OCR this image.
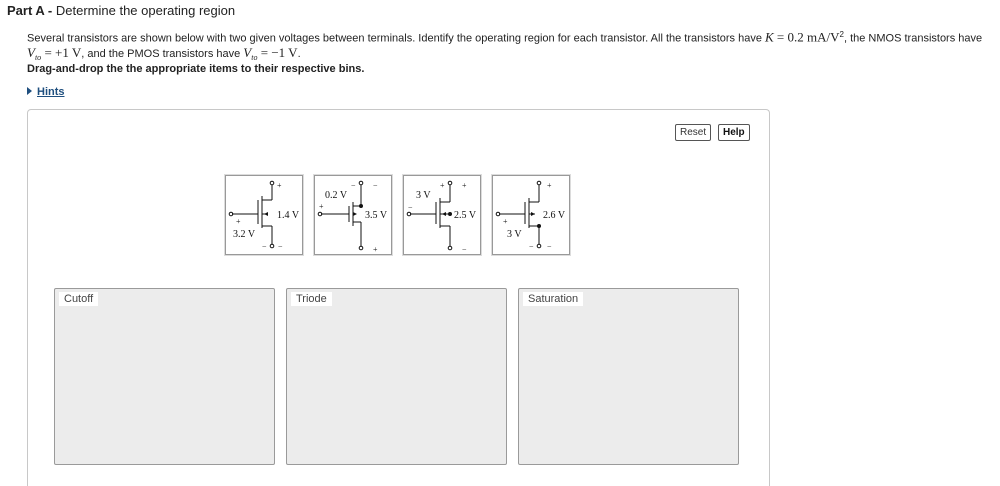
Part A - Determine the operating region
Several transistors are shown below with two given voltages between terminals. Identify the operating region for each transistor. All the transistors have K = 0.2 $mA/V^2$, the NMOS transistors have
$V_{to} = +1$ V, and the PMOS transistors have $V_{to} = -1$ V.
Drag-and-drop the the appropriate items to their respective bins.
Hints
Reset	Help
+
1.4 V
+
3.2 V
− −
− −
0.2 V
+
3.5 V
+
+ +
3 V
−
2.5 V
−
+
2.6 V
+
3 V
− −
Cutoff	Triode	Saturation
